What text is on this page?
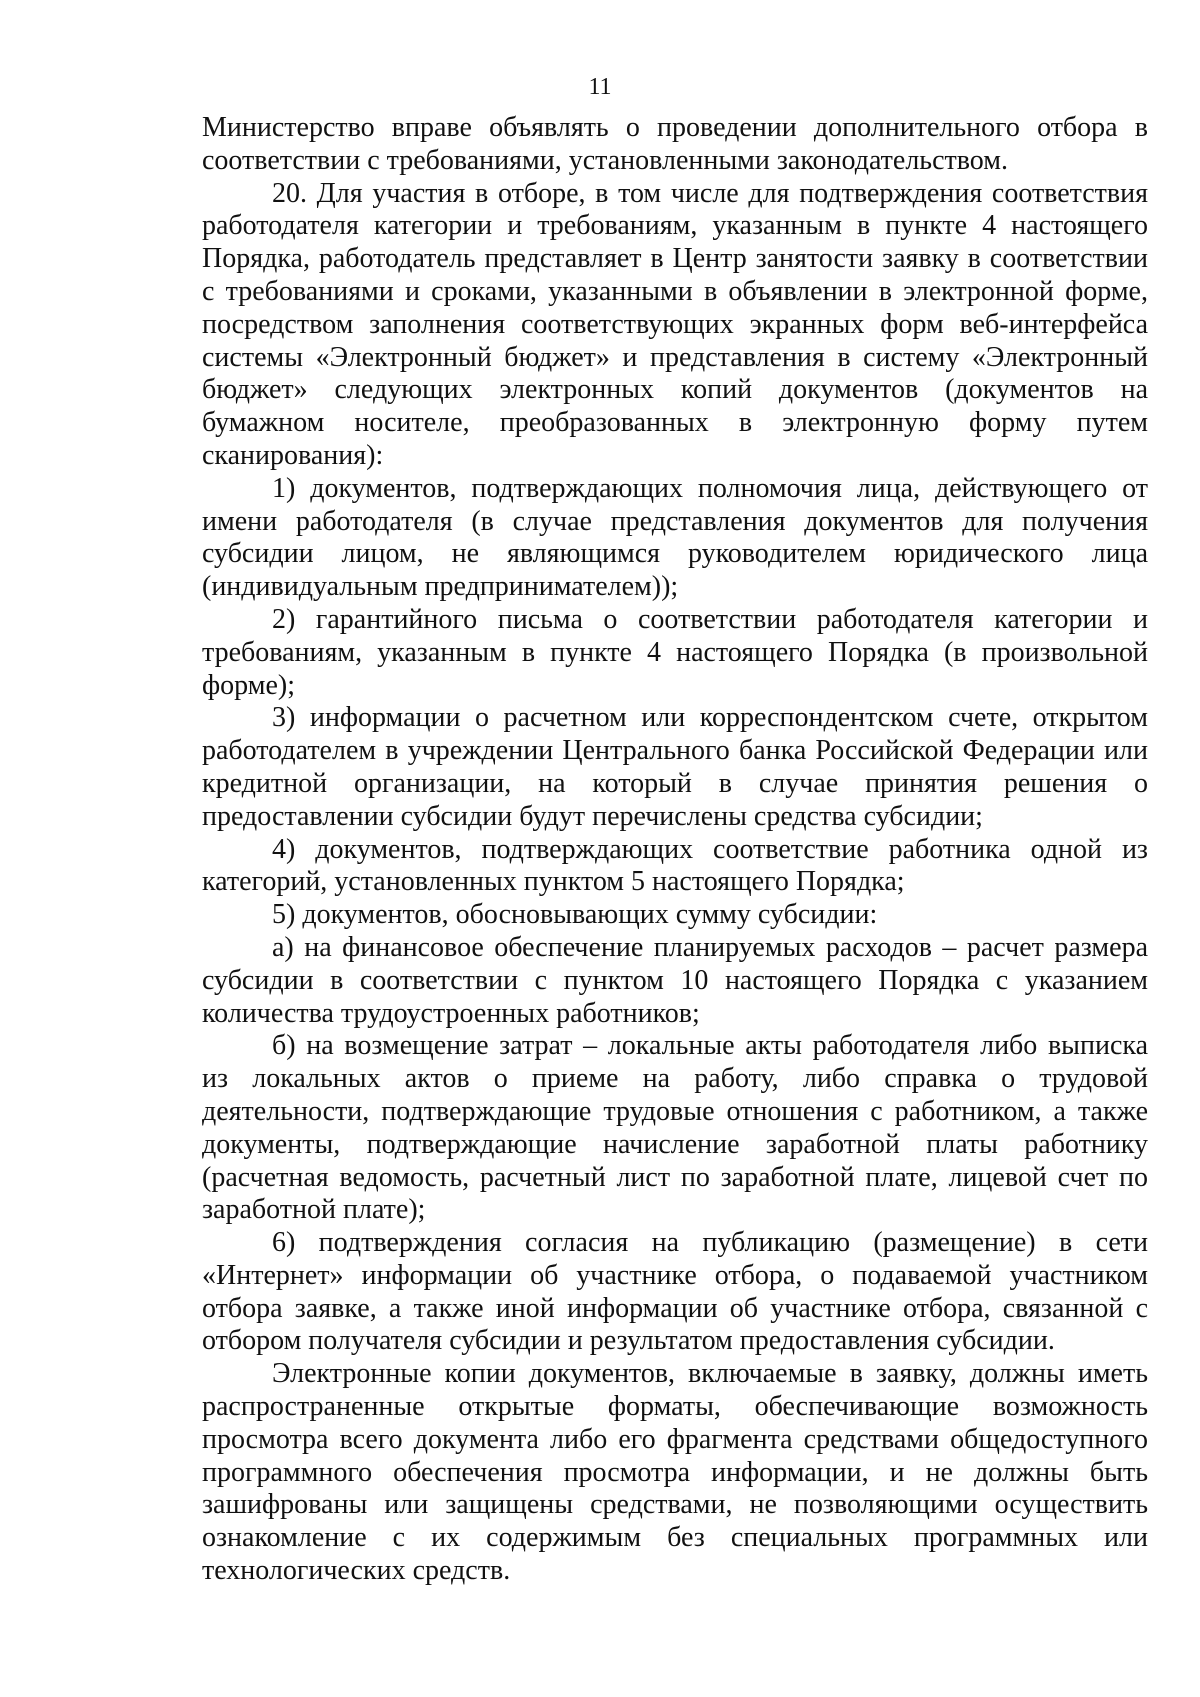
11

Министерство вправе объявлять о проведении дополнительного отбора в соответствии с требованиями, установленными законодательством.

20. Для участия в отборе, в том числе для подтверждения соответствия работодателя категории и требованиям, указанным в пункте 4 настоящего Порядка, работодатель представляет в Центр занятости заявку в соответствии с требованиями и сроками, указанными в объявлении в электронной форме, посредством заполнения соответствующих экранных форм веб-интерфейса системы «Электронный бюджет» и представления в систему «Электронный бюджет» следующих электронных копий документов (документов на бумажном носителе, преобразованных в электронную форму путем сканирования):

1) документов, подтверждающих полномочия лица, действующего от имени работодателя (в случае представления документов для получения субсидии лицом, не являющимся руководителем юридического лица (индивидуальным предпринимателем));

2) гарантийного письма о соответствии работодателя категории и требованиям, указанным в пункте 4 настоящего Порядка (в произвольной форме);

3) информации о расчетном или корреспондентском счете, открытом работодателем в учреждении Центрального банка Российской Федерации или кредитной организации, на который в случае принятия решения о предоставлении субсидии будут перечислены средства субсидии;

4) документов, подтверждающих соответствие работника одной из категорий, установленных пунктом 5 настоящего Порядка;

5) документов, обосновывающих сумму субсидии:

а) на финансовое обеспечение планируемых расходов – расчет размера субсидии в соответствии с пунктом 10 настоящего Порядка с указанием количества трудоустроенных работников;

б) на возмещение затрат – локальные акты работодателя либо выписка из локальных актов о приеме на работу, либо справка о трудовой деятельности, подтверждающие трудовые отношения с работником, а также документы, подтверждающие начисление заработной платы работнику (расчетная ведомость, расчетный лист по заработной плате, лицевой счет по заработной плате);

6) подтверждения согласия на публикацию (размещение) в сети «Интернет» информации об участнике отбора, о подаваемой участником отбора заявке, а также иной информации об участнике отбора, связанной с отбором получателя субсидии и результатом предоставления субсидии.

Электронные копии документов, включаемые в заявку, должны иметь распространенные открытые форматы, обеспечивающие возможность просмотра всего документа либо его фрагмента средствами общедоступного программного обеспечения просмотра информации, и не должны быть зашифрованы или защищены средствами, не позволяющими осуществить ознакомление с их содержимым без специальных программных или технологических средств.
